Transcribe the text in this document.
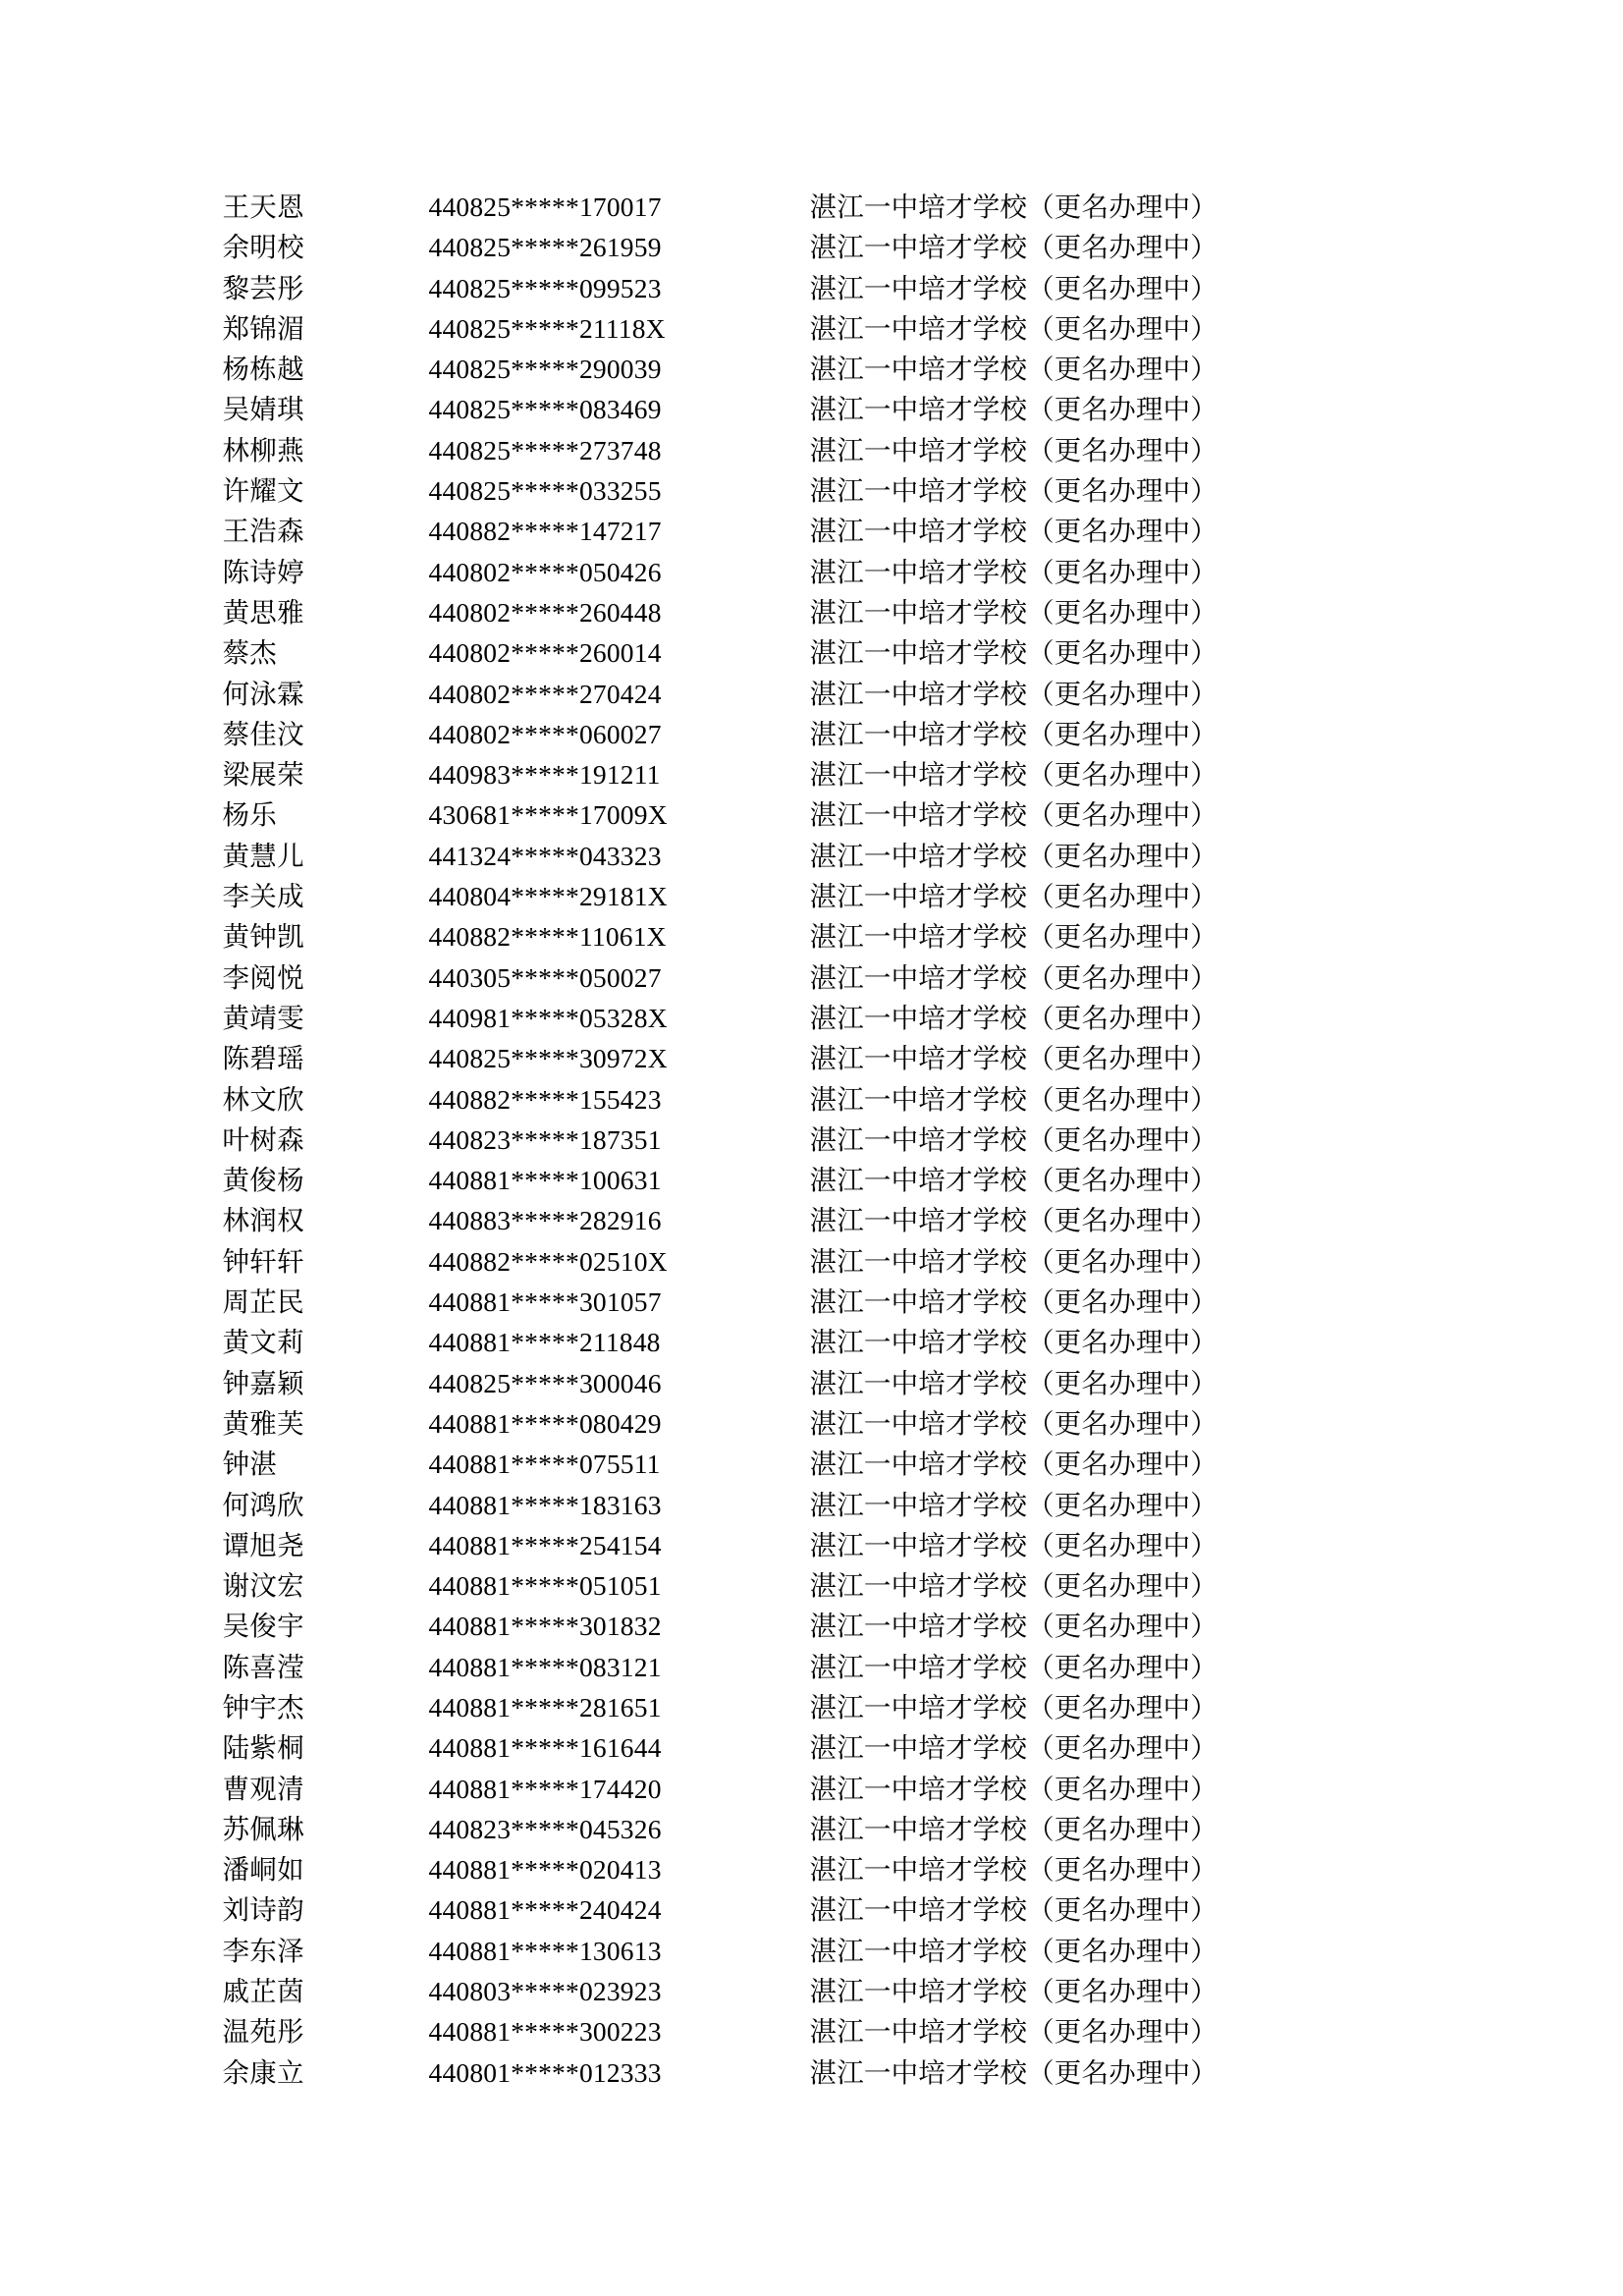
王天恩	440825*****170017	湛江一中培才学校（更名办理中）
余明校	440825*****261959	湛江一中培才学校（更名办理中）
黎芸彤	440825*****099523	湛江一中培才学校（更名办理中）
郑锦湄	440825*****21118X	湛江一中培才学校（更名办理中）
杨栋越	440825*****290039	湛江一中培才学校（更名办理中）
吴婧琪	440825*****083469	湛江一中培才学校（更名办理中）
林柳燕	440825*****273748	湛江一中培才学校（更名办理中）
许耀文	440825*****033255	湛江一中培才学校（更名办理中）
王浩森	440882*****147217	湛江一中培才学校（更名办理中）
陈诗婷	440802*****050426	湛江一中培才学校（更名办理中）
黄思雅	440802*****260448	湛江一中培才学校（更名办理中）
蔡杰	440802*****260014	湛江一中培才学校（更名办理中）
何泳霖	440802*****270424	湛江一中培才学校（更名办理中）
蔡佳汶	440802*****060027	湛江一中培才学校（更名办理中）
梁展荣	440983*****191211	湛江一中培才学校（更名办理中）
杨乐	430681*****17009X	湛江一中培才学校（更名办理中）
黄慧儿	441324*****043323	湛江一中培才学校（更名办理中）
李关成	440804*****29181X	湛江一中培才学校（更名办理中）
黄钟凯	440882*****11061X	湛江一中培才学校（更名办理中）
李阅悦	440305*****050027	湛江一中培才学校（更名办理中）
黄靖雯	440981*****05328X	湛江一中培才学校（更名办理中）
陈碧瑶	440825*****30972X	湛江一中培才学校（更名办理中）
林文欣	440882*****155423	湛江一中培才学校（更名办理中）
叶树森	440823*****187351	湛江一中培才学校（更名办理中）
黄俊杨	440881*****100631	湛江一中培才学校（更名办理中）
林润权	440883*****282916	湛江一中培才学校（更名办理中）
钟轩轩	440882*****02510X	湛江一中培才学校（更名办理中）
周芷民	440881*****301057	湛江一中培才学校（更名办理中）
黄文莉	440881*****211848	湛江一中培才学校（更名办理中）
钟嘉颖	440825*****300046	湛江一中培才学校（更名办理中）
黄雅芙	440881*****080429	湛江一中培才学校（更名办理中）
钟湛	440881*****075511	湛江一中培才学校（更名办理中）
何鸿欣	440881*****183163	湛江一中培才学校（更名办理中）
谭旭尧	440881*****254154	湛江一中培才学校（更名办理中）
谢汶宏	440881*****051051	湛江一中培才学校（更名办理中）
吴俊宇	440881*****301832	湛江一中培才学校（更名办理中）
陈喜滢	440881*****083121	湛江一中培才学校（更名办理中）
钟宇杰	440881*****281651	湛江一中培才学校（更名办理中）
陆紫桐	440881*****161644	湛江一中培才学校（更名办理中）
曹观清	440881*****174420	湛江一中培才学校（更名办理中）
苏佩琳	440823*****045326	湛江一中培才学校（更名办理中）
潘峒如	440881*****020413	湛江一中培才学校（更名办理中）
刘诗韵	440881*****240424	湛江一中培才学校（更名办理中）
李东泽	440881*****130613	湛江一中培才学校（更名办理中）
戚芷茵	440803*****023923	湛江一中培才学校（更名办理中）
温苑彤	440881*****300223	湛江一中培才学校（更名办理中）
余康立	440801*****012333	湛江一中培才学校（更名办理中）
